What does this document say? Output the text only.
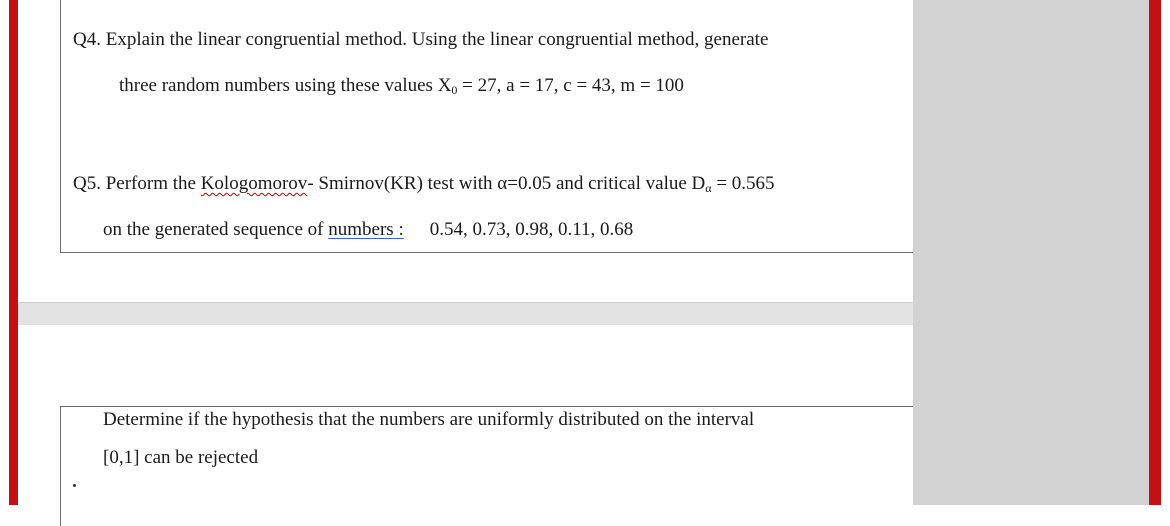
Q4. Explain the linear congruential method. Using the linear congruential method, generate
three random numbers using these values $X_0 = 27$, a = 17, c = 43, m = 100
Q5. Perform the Kologomorov- Smirnov(KR) test with α=0.05 and critical value $D_\alpha = 0.565$
on the generated sequence of numbers : 0.54, 0.73, 0.98, 0.11, 0.68
Determine if the hypothesis that the numbers are uniformly distributed on the interval
[0,1] can be rejected
